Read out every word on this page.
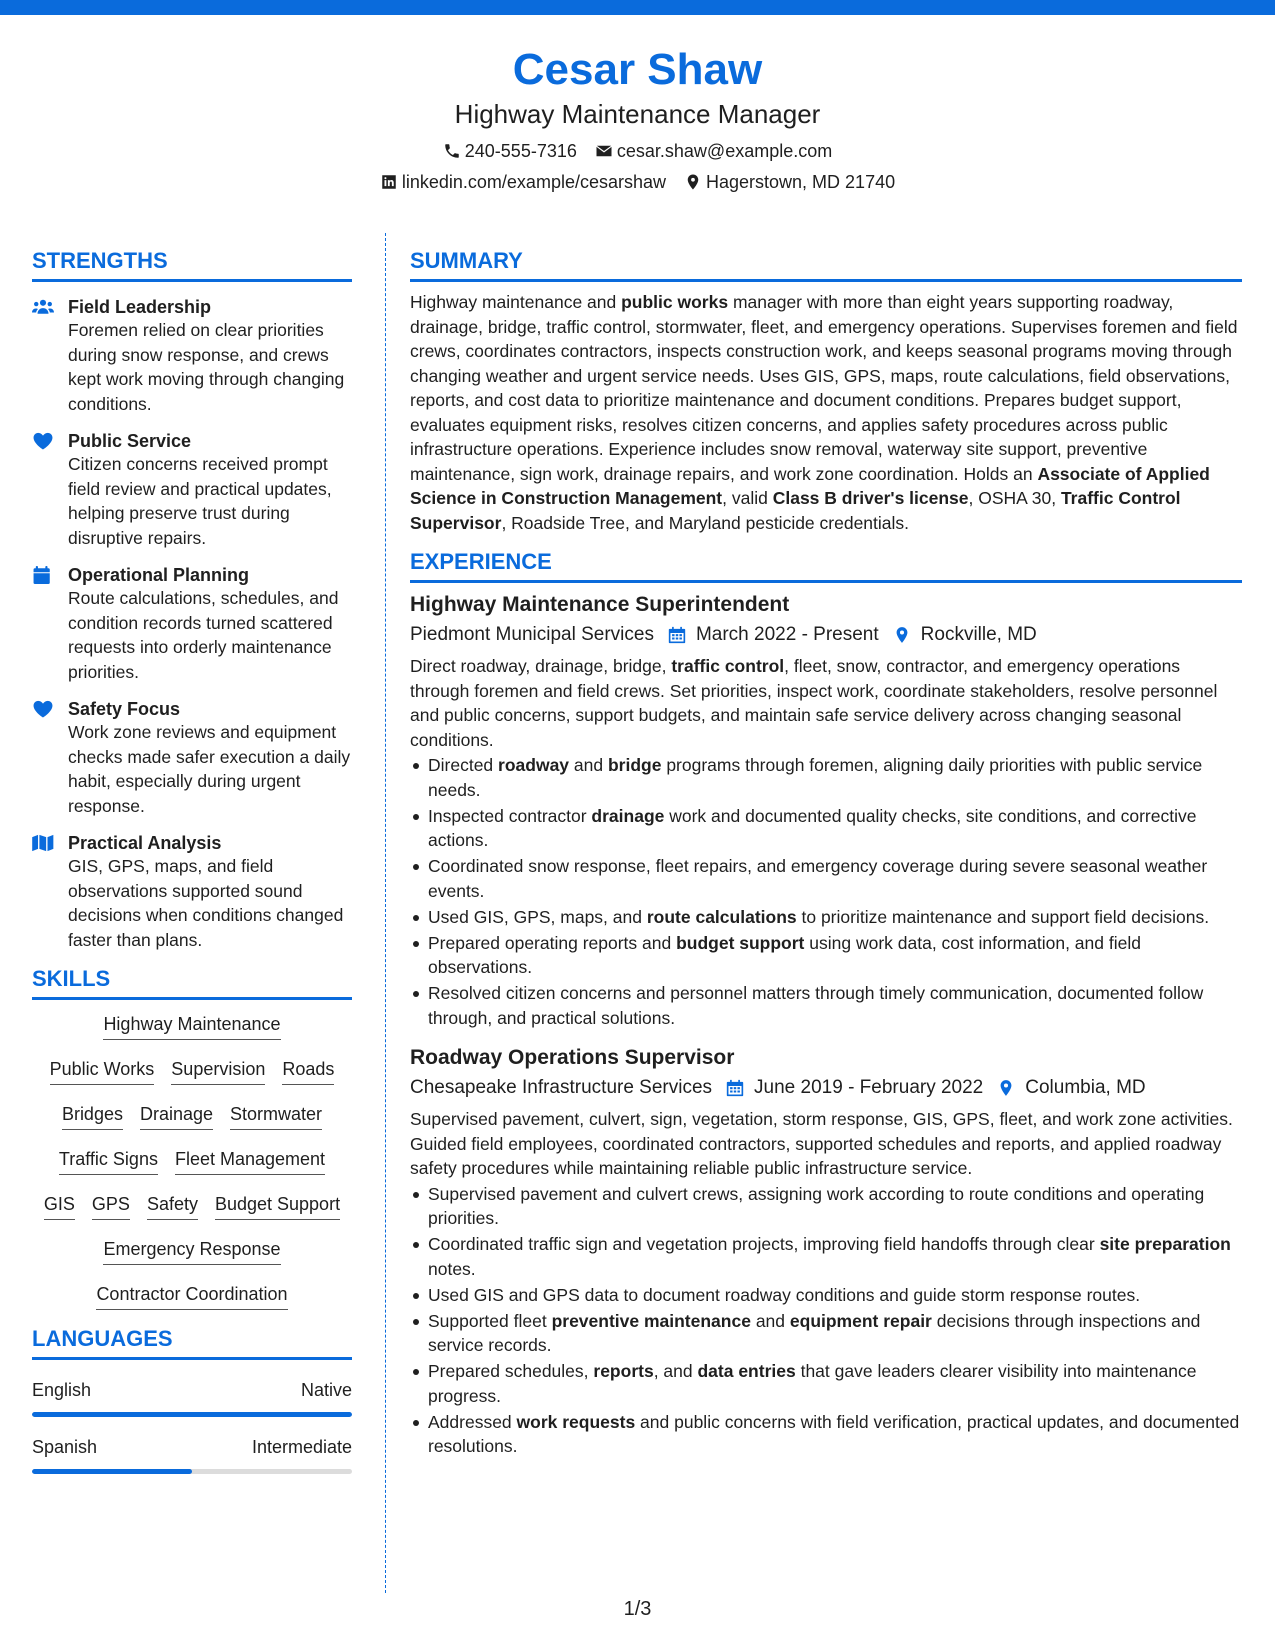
Cesar Shaw
Highway Maintenance Manager
240-555-7316 cesar.shaw@example.com
linkedin.com/example/cesarshaw Hagerstown, MD 21740
STRENGTHS
Field Leadership
Foremen relied on clear priorities during snow response, and crews kept work moving through changing conditions.
Public Service
Citizen concerns received prompt field review and practical updates, helping preserve trust during disruptive repairs.
Operational Planning
Route calculations, schedules, and condition records turned scattered requests into orderly maintenance priorities.
Safety Focus
Work zone reviews and equipment checks made safer execution a daily habit, especially during urgent response.
Practical Analysis
GIS, GPS, maps, and field observations supported sound decisions when conditions changed faster than plans.
SKILLS
Highway Maintenance
Public Works Supervision Roads
Bridges Drainage Stormwater
Traffic Signs Fleet Management
GIS GPS Safety Budget Support
Emergency Response
Contractor Coordination
LANGUAGES
English	Native
Spanish	Intermediate
SUMMARY
Highway maintenance and public works manager with more than eight years supporting roadway, drainage, bridge, traffic control, stormwater, fleet, and emergency operations. Supervises foremen and field crews, coordinates contractors, inspects construction work, and keeps seasonal programs moving through changing weather and urgent service needs. Uses GIS, GPS, maps, route calculations, field observations, reports, and cost data to prioritize maintenance and document conditions. Prepares budget support, evaluates equipment risks, resolves citizen concerns, and applies safety procedures across public infrastructure operations. Experience includes snow removal, waterway site support, preventive maintenance, sign work, drainage repairs, and work zone coordination. Holds an Associate of Applied Science in Construction Management, valid Class B driver's license, OSHA 30, Traffic Control Supervisor, Roadside Tree, and Maryland pesticide credentials.
EXPERIENCE
Highway Maintenance Superintendent
Piedmont Municipal Services March 2022 - Present Rockville, MD
Direct roadway, drainage, bridge, traffic control, fleet, snow, contractor, and emergency operations through foremen and field crews. Set priorities, inspect work, coordinate stakeholders, resolve personnel and public concerns, support budgets, and maintain safe service delivery across changing seasonal conditions.
Directed roadway and bridge programs through foremen, aligning daily priorities with public service needs.
Inspected contractor drainage work and documented quality checks, site conditions, and corrective actions.
Coordinated snow response, fleet repairs, and emergency coverage during severe seasonal weather events.
Used GIS, GPS, maps, and route calculations to prioritize maintenance and support field decisions.
Prepared operating reports and budget support using work data, cost information, and field observations.
Resolved citizen concerns and personnel matters through timely communication, documented follow through, and practical solutions.
Roadway Operations Supervisor
Chesapeake Infrastructure Services June 2019 - February 2022 Columbia, MD
Supervised pavement, culvert, sign, vegetation, storm response, GIS, GPS, fleet, and work zone activities. Guided field employees, coordinated contractors, supported schedules and reports, and applied roadway safety procedures while maintaining reliable public infrastructure service.
Supervised pavement and culvert crews, assigning work according to route conditions and operating priorities.
Coordinated traffic sign and vegetation projects, improving field handoffs through clear site preparation notes.
Used GIS and GPS data to document roadway conditions and guide storm response routes.
Supported fleet preventive maintenance and equipment repair decisions through inspections and service records.
Prepared schedules, reports, and data entries that gave leaders clearer visibility into maintenance progress.
Addressed work requests and public concerns with field verification, practical updates, and documented resolutions.
1/3
